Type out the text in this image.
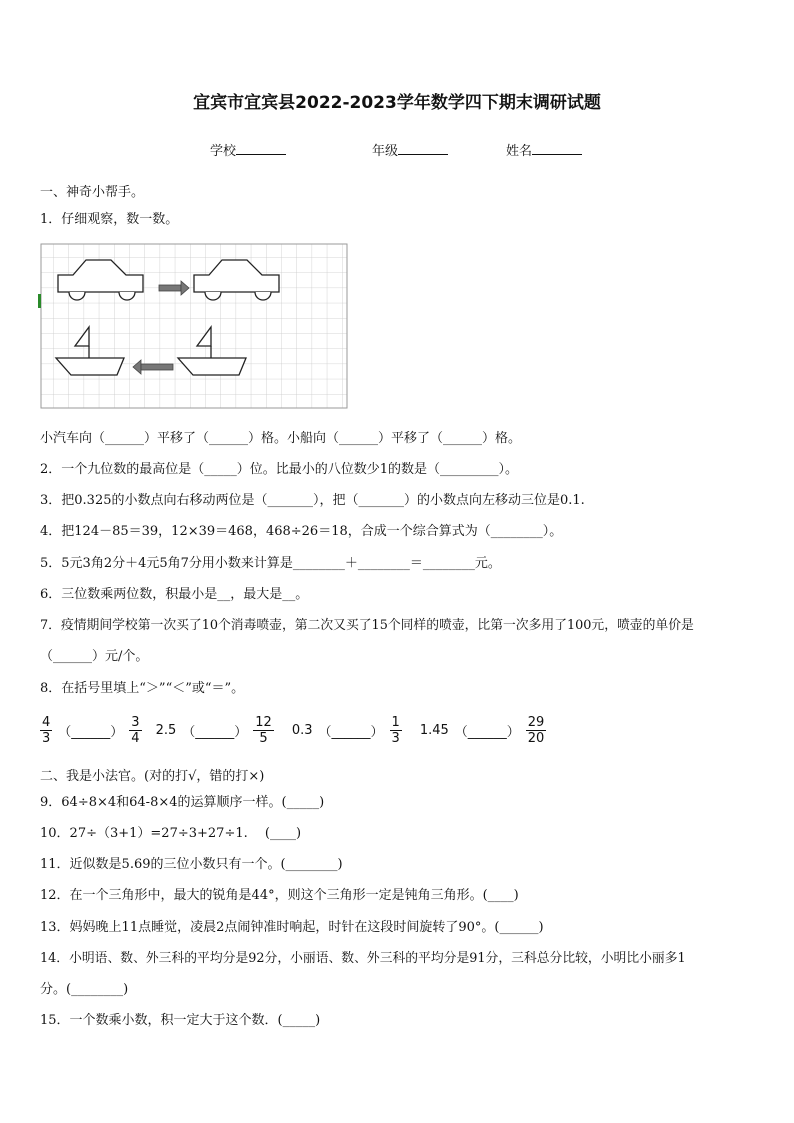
宜宾市宜宾县2022-2023学年数学四下期末调研试题
学校	年级	姓名
一、神奇小帮手。
1．仔细观察，数一数。
小汽车向（______）平移了（______）格。小船向（______）平移了（______）格。
2．一个九位数的最高位是（_____）位。比最小的八位数少1的数是（_________）。
3．把0.325的小数点向右移动两位是（_______），把（_______）的小数点向左移动三位是0.1.
4．把124－85＝39，12×39＝468，468÷26＝18，合成一个综合算式为（________）。
5．5元3角2分＋4元5角7分用小数来计算是________＋________＝________元。
6．三位数乘两位数，积最小是__，最大是__。
7．疫情期间学校第一次买了10个消毒喷壶，第二次又买了15个同样的喷壶，比第一次多用了100元，喷壶的单价是
（______）元/个。
8．在括号里填上“＞”“＜”或“＝”。
$\frac{4}{3}$ （______） $\frac{3}{4} 2.5$ （______） $\frac{12}{5} 0.3$ （______） $\frac{1}{3} 1.45$ （______） $\frac{29}{20}$
二、我是小法官。(对的打√，错的打×)
9．64÷8×4和64-8×4的运算顺序一样。(_____)
10．27÷（3+1）=27÷3+27÷1.　 (____)
11．近似数是5.69的三位小数只有一个。(________)
12．在一个三角形中，最大的锐角是44°，则这个三角形一定是钝角三角形。(____)
13．妈妈晚上11点睡觉，凌晨2点闹钟准时响起，时针在这段时间旋转了90°。(______)
14．小明语、数、外三科的平均分是92分，小丽语、数、外三科的平均分是91分，三科总分比较，小明比小丽多1
分。(________)
15．一个数乘小数，积一定大于这个数．(_____)
